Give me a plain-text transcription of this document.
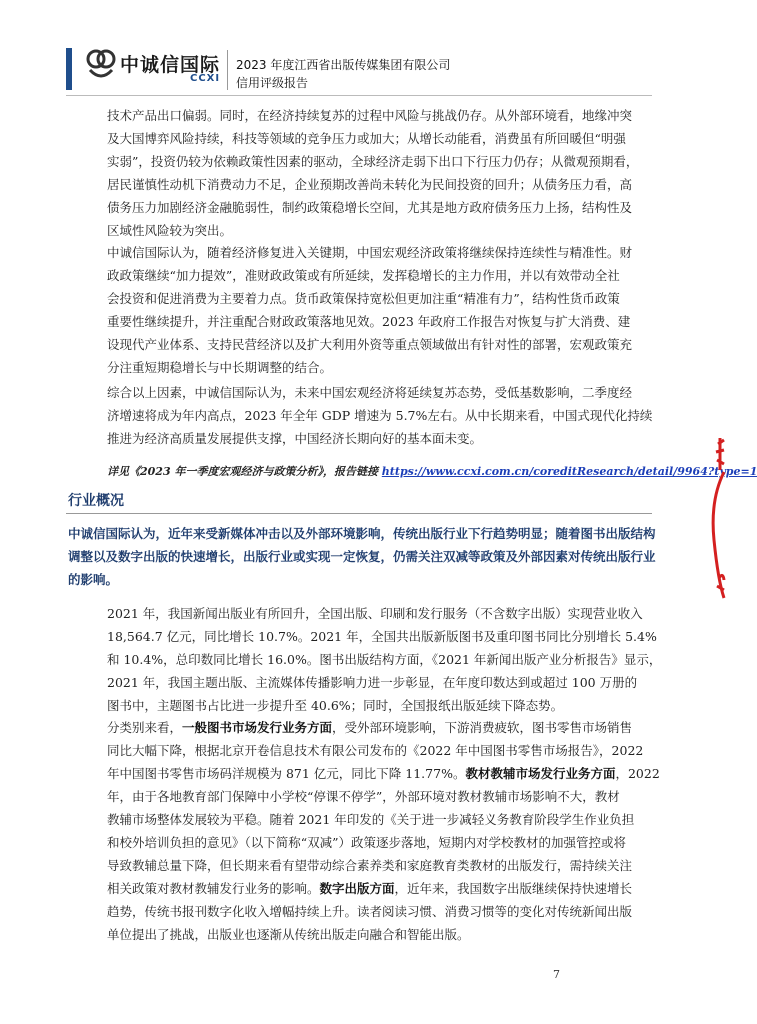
中诚信国际
CCXI
2023 年度江西省出版传媒集团有限公司
信用评级报告
技术产品出口偏弱。同时，在经济持续复苏的过程中风险与挑战仍存。从外部环境看，地缘冲突
及大国博弈风险持续，科技等领域的竞争压力或加大；从增长动能看，消费虽有所回暖但“明强
实弱”，投资仍较为依赖政策性因素的驱动，全球经济走弱下出口下行压力仍存；从微观预期看，
居民谨慎性动机下消费动力不足，企业预期改善尚未转化为民间投资的回升；从债务压力看，高
债务压力加剧经济金融脆弱性，制约政策稳增长空间，尤其是地方政府债务压力上扬，结构性及
区域性风险较为突出。
中诚信国际认为，随着经济修复进入关键期，中国宏观经济政策将继续保持连续性与精准性。财
政政策继续“加力提效”，准财政政策或有所延续，发挥稳增长的主力作用，并以有效带动全社
会投资和促进消费为主要着力点。货币政策保持宽松但更加注重“精准有力”，结构性货币政策
重要性继续提升，并注重配合财政政策落地见效。2023 年政府工作报告对恢复与扩大消费、建
设现代产业体系、支持民营经济以及扩大利用外资等重点领域做出有针对性的部署，宏观政策充
分注重短期稳增长与中长期调整的结合。
综合以上因素，中诚信国际认为，未来中国宏观经济将延续复苏态势，受低基数影响，二季度经
济增速将成为年内高点，2023 年全年 GDP 增速为 5.7%左右。从中长期来看，中国式现代化持续
推进为经济高质量发展提供支撑，中国经济长期向好的基本面未变。
详见《2023 年一季度宏观经济与政策分析》，报告链接 https://www.ccxi.com.cn/coreditResearch/detail/9964?type=1
行业概况
中诚信国际认为，近年来受新媒体冲击以及外部环境影响，传统出版行业下行趋势明显；随着图书出版结构
调整以及数字出版的快速增长，出版行业或实现一定恢复，仍需关注双减等政策及外部因素对传统出版行业
的影响。
2021 年，我国新闻出版业有所回升，全国出版、印刷和发行服务（不含数字出版）实现营业收入
18,564.7 亿元，同比增长 10.7%。2021 年，全国共出版新版图书及重印图书同比分别增长 5.4%
和 10.4%，总印数同比增长 16.0%。图书出版结构方面，《2021 年新闻出版产业分析报告》显示，
2021 年，我国主题出版、主流媒体传播影响力进一步彰显，在年度印数达到或超过 100 万册的
图书中，主题图书占比进一步提升至 40.6%；同时，全国报纸出版延续下降态势。
分类别来看，一般图书市场发行业务方面，受外部环境影响，下游消费疲软，图书零售市场销售
同比大幅下降，根据北京开卷信息技术有限公司发布的《2022 年中国图书零售市场报告》，2022
年中国图书零售市场码洋规模为 871 亿元，同比下降 11.77%。教材教辅市场发行业务方面，2022
年，由于各地教育部门保障中小学校“停课不停学”，外部环境对教材教辅市场影响不大，教材
教辅市场整体发展较为平稳。随着 2021 年印发的《关于进一步减轻义务教育阶段学生作业负担
和校外培训负担的意见》（以下简称“双减”）政策逐步落地，短期内对学校教材的加强管控或将
导致教辅总量下降，但长期来看有望带动综合素养类和家庭教育类教材的出版发行，需持续关注
相关政策对教材教辅发行业务的影响。数字出版方面，近年来，我国数字出版继续保持快速增长
趋势，传统书报刊数字化收入增幅持续上升。读者阅读习惯、消费习惯等的变化对传统新闻出版
单位提出了挑战，出版业也逐渐从传统出版走向融合和智能出版。
7
